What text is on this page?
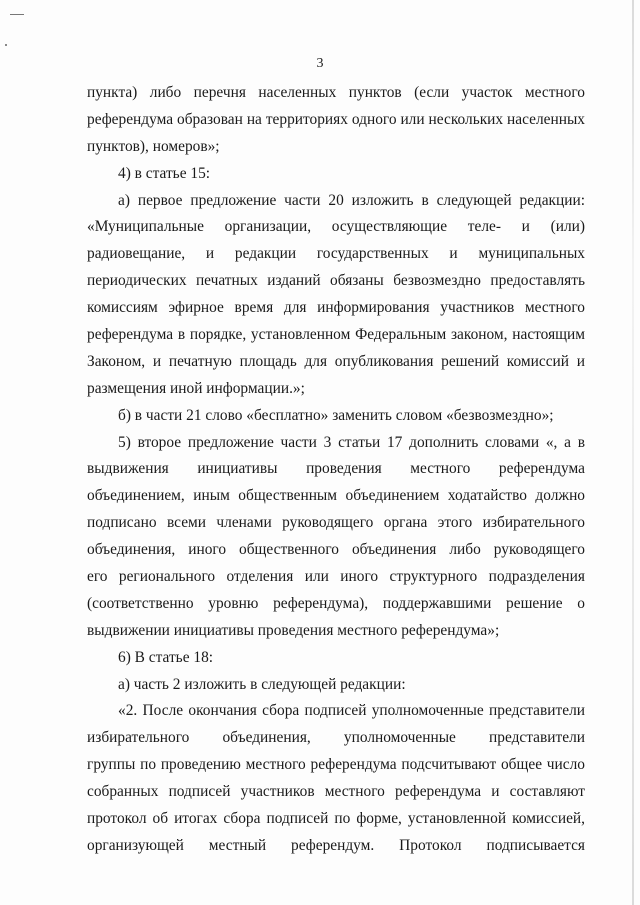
3
пункта) либо перечня населенных пунктов (если участок местного
референдума образован на территориях одного или нескольких населенных
пунктов), номеров»;
4) в статье 15:
а) первое предложение части 20 изложить в следующей редакции:
«Муниципальные организации, осуществляющие теле- и (или)
радиовещание, и редакции государственных и муниципальных
периодических печатных изданий обязаны безвозмездно предоставлять
комиссиям эфирное время для информирования участников местного
референдума в порядке, установленном Федеральным законом, настоящим
Законом, и печатную площадь для опубликования решений комиссий и
размещения иной информации.»;
б) в части 21 слово «бесплатно» заменить словом «безвозмездно»;
5) второе предложение части 3 статьи 17 дополнить словами «, а в
выдвижения инициативы проведения местного референдума
объединением, иным общественным объединением ходатайство должно
подписано всеми членами руководящего органа этого избирательного
объединения, иного общественного объединения либо руководящего
его регионального отделения или иного структурного подразделения
(соответственно уровню референдума), поддержавшими решение о
выдвижении инициативы проведения местного референдума»;
6) В статье 18:
а) часть 2 изложить в следующей редакции:
«2. После окончания сбора подписей уполномоченные представители
избирательного объединения, уполномоченные представители
группы по проведению местного референдума подсчитывают общее число
собранных подписей участников местного референдума и составляют
протокол об итогах сбора подписей по форме, установленной комиссией,
организующей местный референдум. Протокол подписывается
